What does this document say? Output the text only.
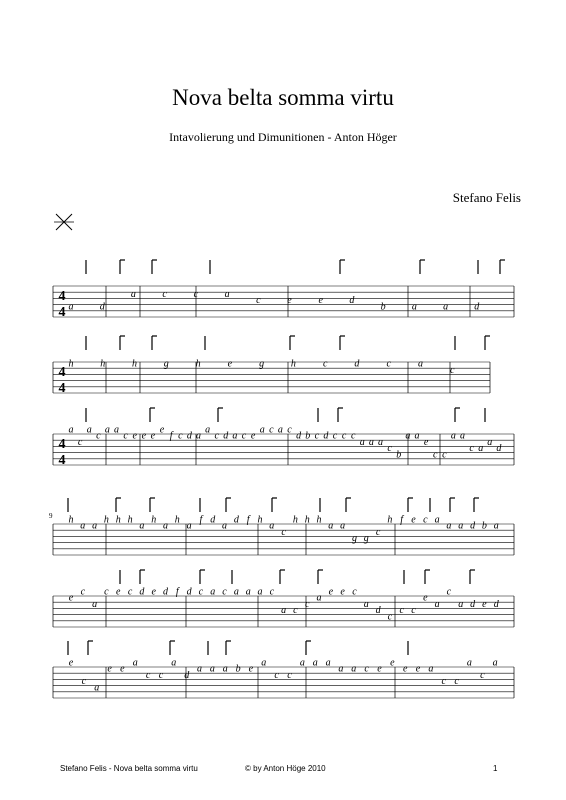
4
4 a	d
a	c	c	a
c	e	e	d
b	a	a	d
4
4
h	h	h	g	h	e	g	h	c	d	c	a
c
4
4
a
c
a
c
a a
c e e e
e
f c d a
a
c d a c e
a c a c
d b c d c c c
a a a
c
b
a a
e
c c
a a
c a
a
d
9 h
a a
h h h
a
h
a
h
a
f d
a
d f h
a
c
h h h
a a
g g
c
h f e c a
a a d b a
e
c
a
c e c d e d f d c a c a a a c
a c
c
a
e e c
a
d
c
c c
e
a
c
a d e d
e
c
a
e e
a
c c
a
d
a a a b e
a
c c
a a a
a a c e
e
e e a
c c
a
c
a
Nova belta somma virtu
Intavolierung und Dimunitionen - Anton Höger
Stefano Felis
Stefano Felis - Nova belta somma virtu	© by Anton Höge 2010	1
